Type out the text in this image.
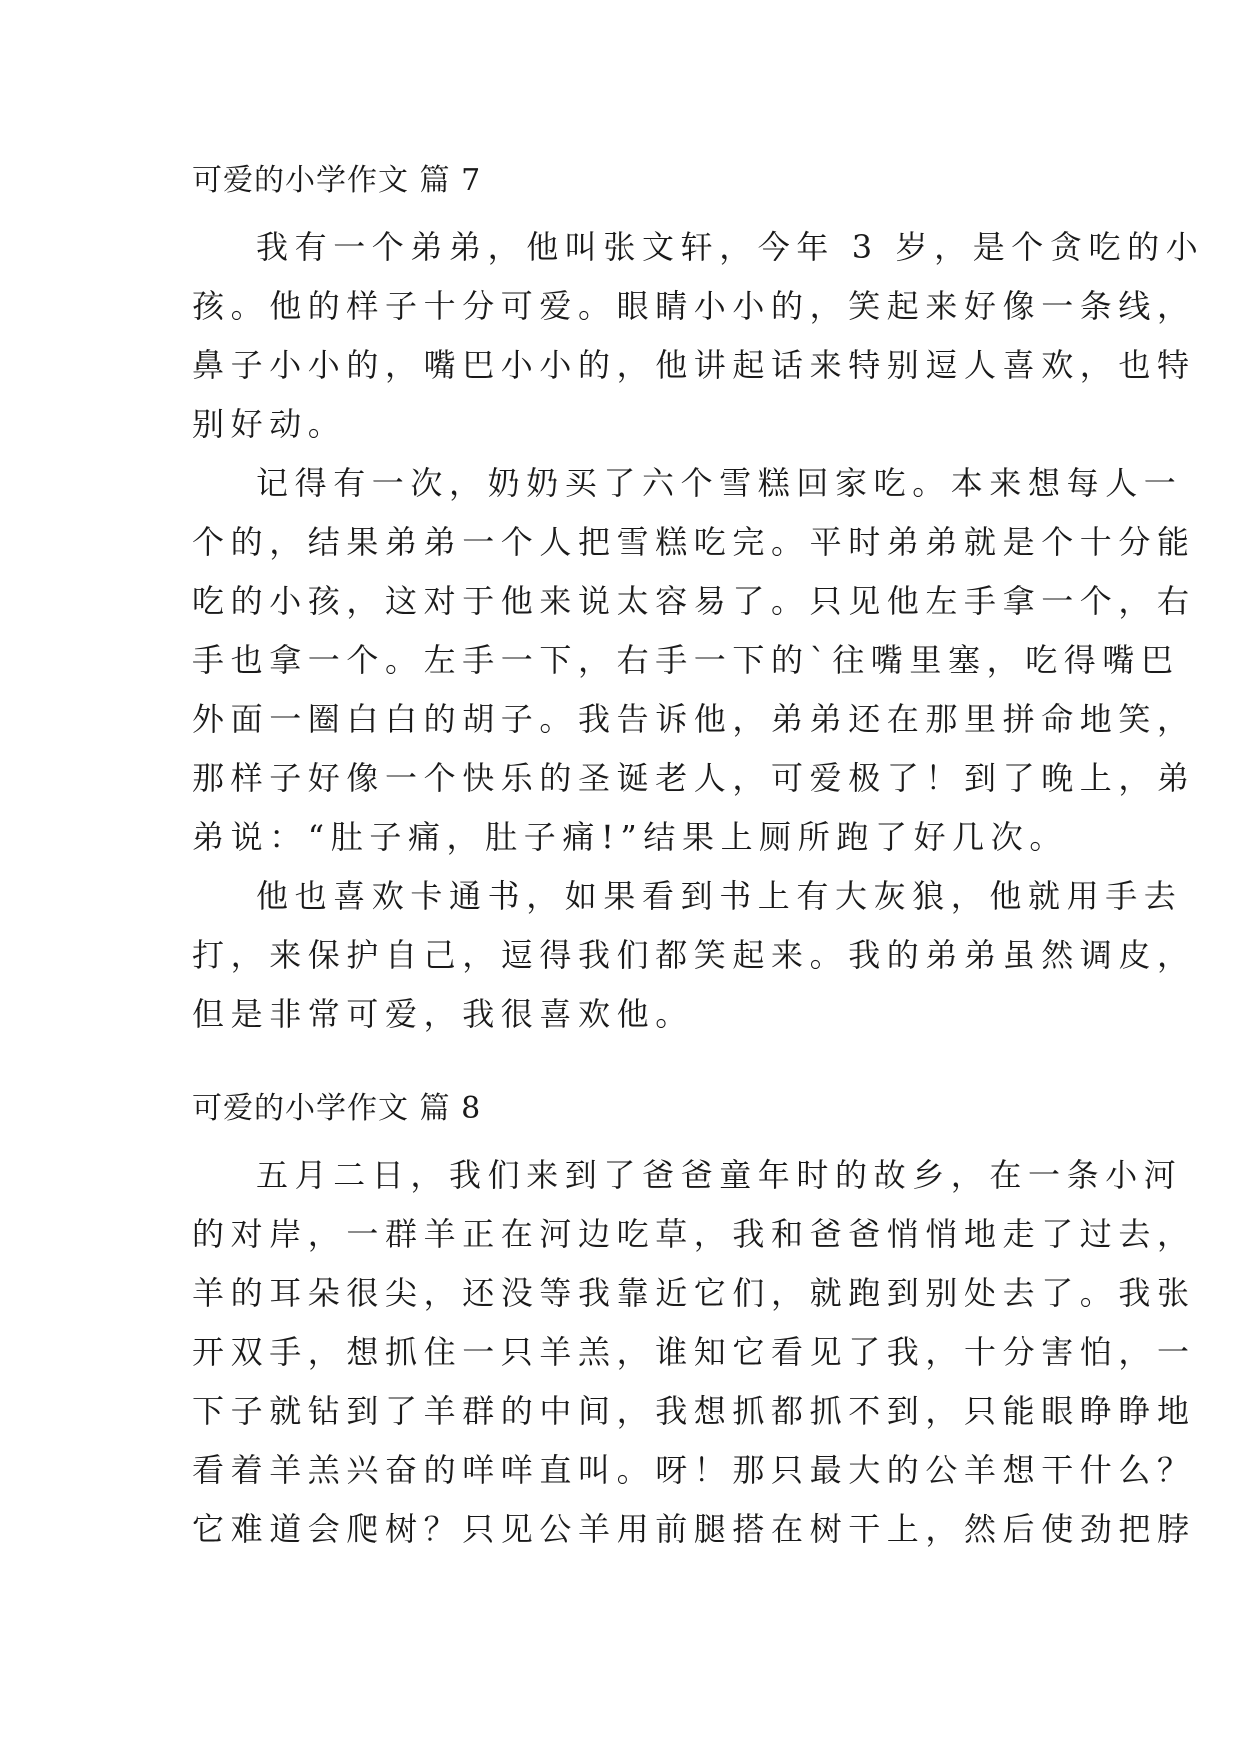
可爱的小学作文 篇 7

我有一个弟弟，他叫张文轩，今年 3 岁，是个贪吃的小
孩。他的样子十分可爱。眼睛小小的，笑起来好像一条线，
鼻子小小的，嘴巴小小的，他讲起话来特别逗人喜欢，也特
别好动。

记得有一次，奶奶买了六个雪糕回家吃。本来想每人一
个的，结果弟弟一个人把雪糕吃完。平时弟弟就是个十分能
吃的小孩，这对于他来说太容易了。只见他左手拿一个，右
手也拿一个。左手一下，右手一下的`往嘴里塞，吃得嘴巴
外面一圈白白的胡子。我告诉他，弟弟还在那里拼命地笑，
那样子好像一个快乐的圣诞老人，可爱极了！到了晚上，弟
弟说：“肚子痛，肚子痛!”结果上厕所跑了好几次。

他也喜欢卡通书，如果看到书上有大灰狼，他就用手去
打，来保护自己，逗得我们都笑起来。我的弟弟虽然调皮，
但是非常可爱，我很喜欢他。

可爱的小学作文 篇 8

五月二日，我们来到了爸爸童年时的故乡，在一条小河
的对岸，一群羊正在河边吃草，我和爸爸悄悄地走了过去，
羊的耳朵很尖，还没等我靠近它们，就跑到别处去了。我张
开双手，想抓住一只羊羔，谁知它看见了我，十分害怕，一
下子就钻到了羊群的中间，我想抓都抓不到，只能眼睁睁地
看着羊羔兴奋的咩咩直叫。呀！那只最大的公羊想干什么？
它难道会爬树？只见公羊用前腿搭在树干上，然后使劲把脖
